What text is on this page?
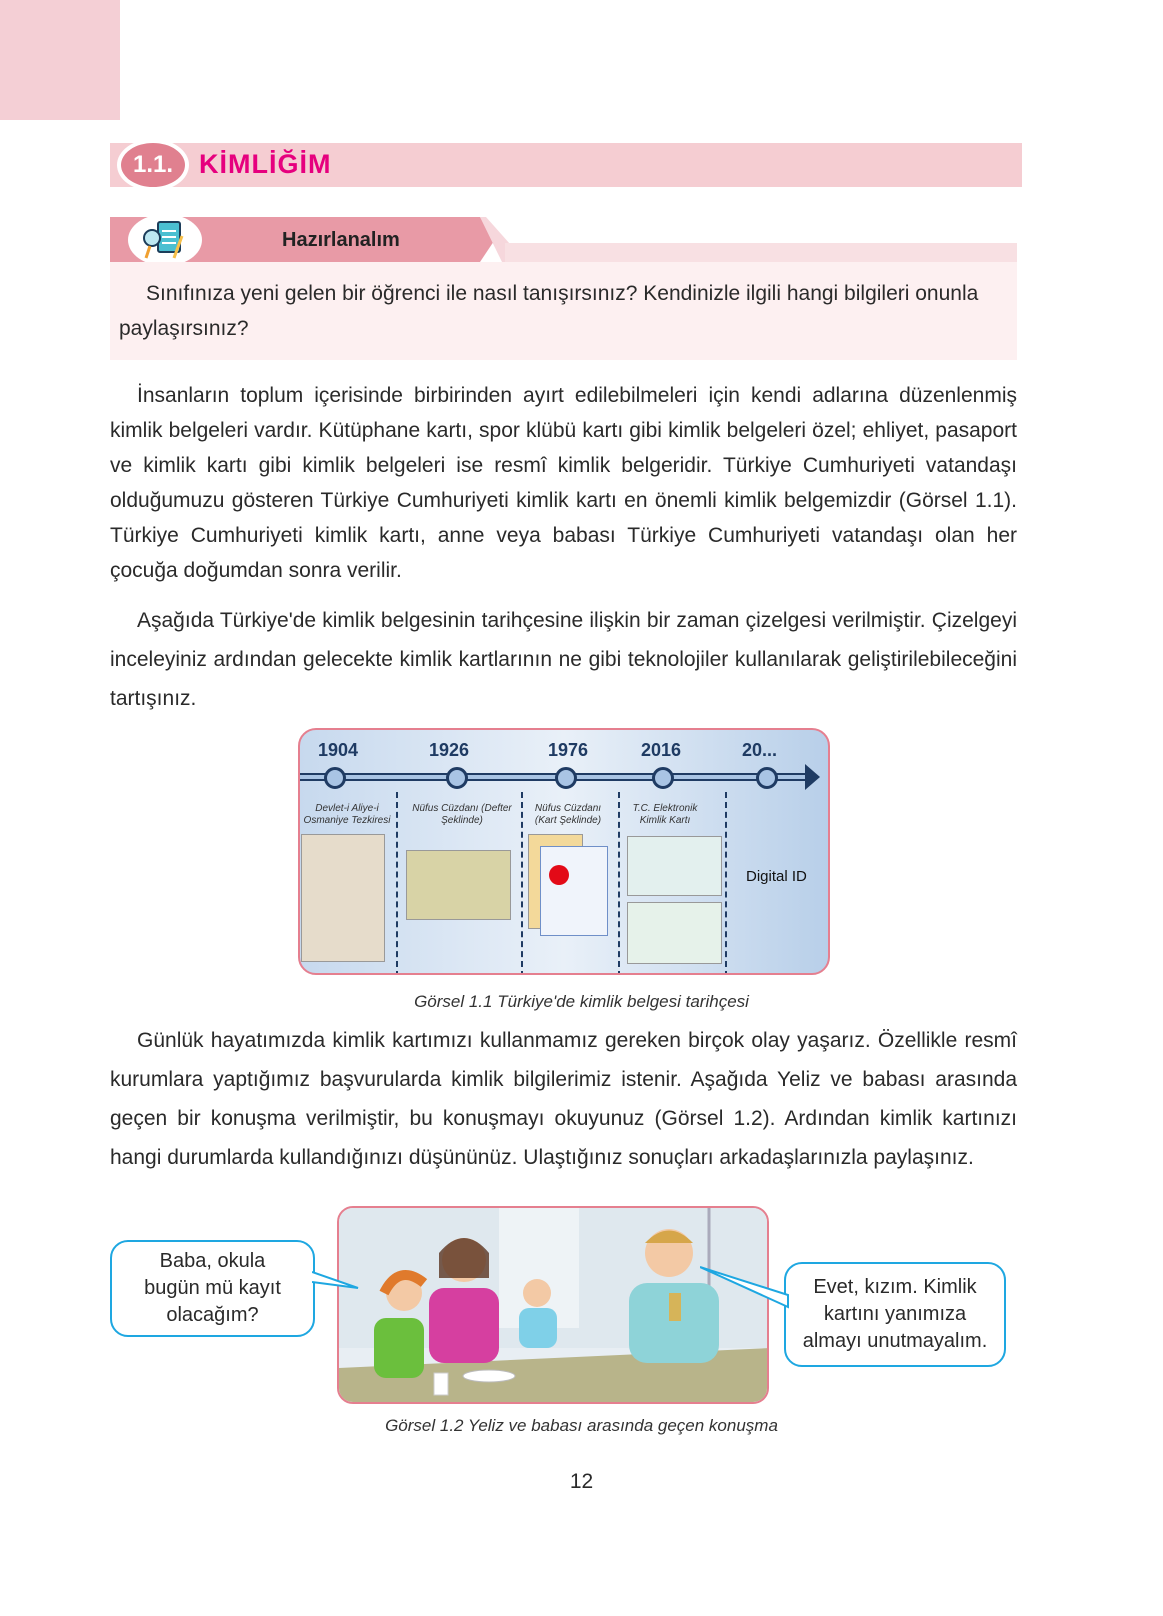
1.1. KİMLİĞİM
Hazırlanalım
Sınıfınıza yeni gelen bir öğrenci ile nasıl tanışırsınız? Kendinizle ilgili hangi bilgileri onunla paylaşırsınız?

İnsanların toplum içerisinde birbirinden ayırt edilebilmeleri için kendi adlarına düzenlenmiş kimlik belgeleri vardır. Kütüphane kartı, spor klübü kartı gibi kimlik belgeleri özel; ehliyet, pasaport ve kimlik kartı gibi kimlik belgeleri ise resmî kimlik belgeridir. Türkiye Cumhuriyeti vatandaşı olduğumuzu gösteren Türkiye Cumhuriyeti kimlik kartı en önemli kimlik belgemizdir (Görsel 1.1). Türkiye Cumhuriyeti kimlik kartı, anne veya babası Türkiye Cumhuriyeti vatandaşı olan her çocuğa doğumdan sonra verilir.

Aşağıda Türkiye'de kimlik belgesinin tarihçesine ilişkin bir zaman çizelgesi verilmiştir. Çizelgeyi inceleyiniz ardından gelecekte kimlik kartlarının ne gibi teknolojiler kullanılarak geliştirilebileceğini tartışınız.

1904	1926	1976	2016	20...
Devlet-i Aliye-i Osmaniye Tezkiresi
Nüfus Cüzdanı (Defter Şeklinde)
Nüfus Cüzdanı (Kart Şeklinde)
T.C. Elektronik Kimlik Kartı
Digital ID
Görsel 1.1 Türkiye'de kimlik belgesi tarihçesi

Günlük hayatımızda kimlik kartımızı kullanmamız gereken birçok olay yaşarız. Özellikle resmî kurumlara yaptığımız başvurularda kimlik bilgilerimiz istenir. Aşağıda Yeliz ve babası arasında geçen bir konuşma verilmiştir, bu konuşmayı okuyunuz (Görsel 1.2). Ardından kimlik kartınızı hangi durumlarda kullandığınızı düşününüz. Ulaştığınız sonuçları arkadaşlarınızla paylaşınız.

Baba, okula bugün mü kayıt olacağım?
Evet, kızım. Kimlik kartını yanımıza almayı unutmayalım.
Görsel 1.2 Yeliz ve babası arasında geçen konuşma
12
